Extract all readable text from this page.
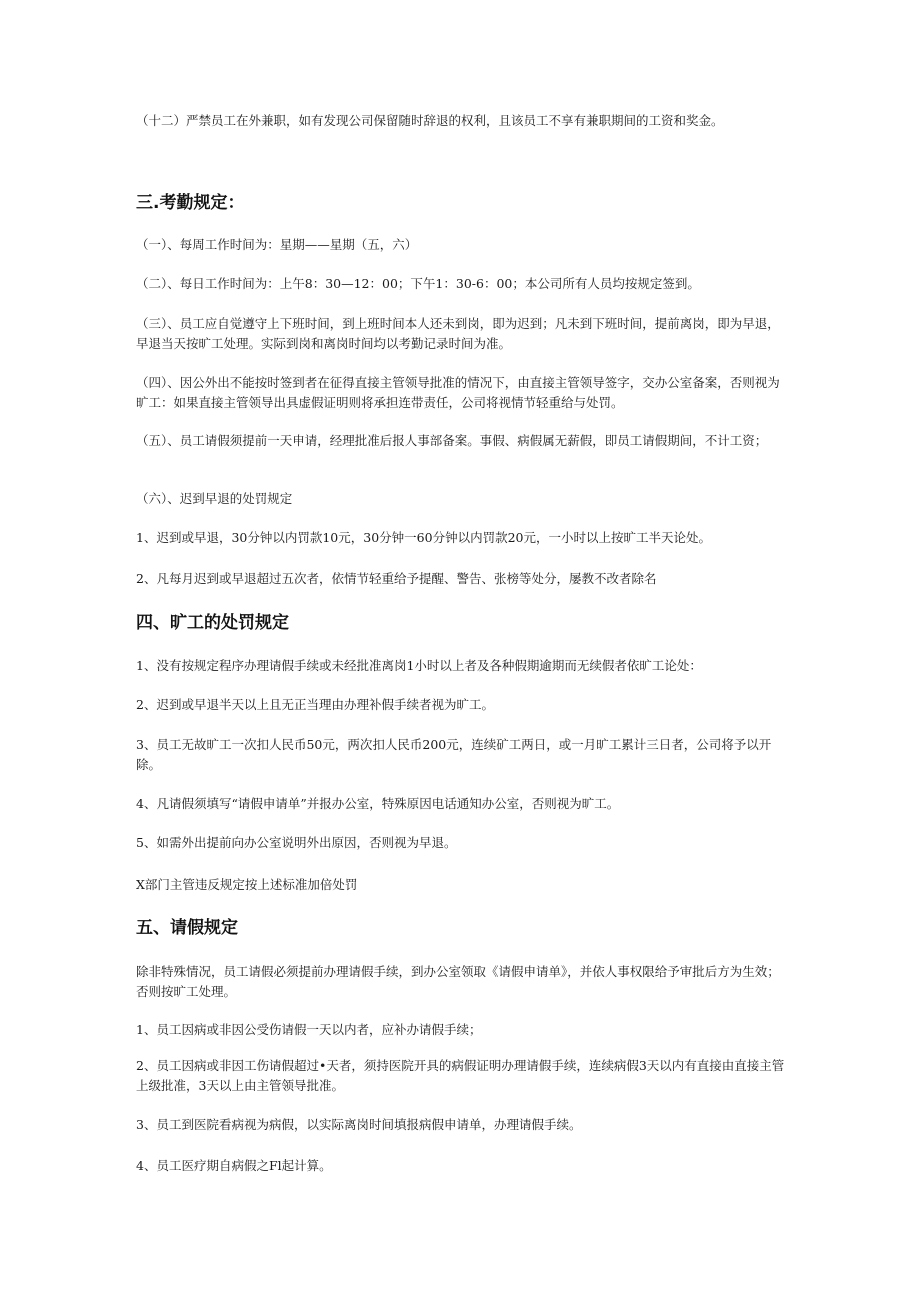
（十二）严禁员工在外兼职，如有发现公司保留随时辞退的权利，且该员工不享有兼职期间的工资和奖金。

三.考勤规定：

（一）、每周工作时间为：星期——星期（五，六）

（二）、每日工作时间为：上午8：30—12：00；下午1：30-6：00；本公司所有人员均按规定签到。

（三）、员工应自觉遵守上下班时间，到上班时间本人还未到岗，即为迟到；凡未到下班时间，提前离岗，即为早退，早退当天按旷工处理。实际到岗和离岗时间均以考勤记录时间为准。

（四）、因公外出不能按时签到者在征得直接主管领导批准的情况下，由直接主管领导签字，交办公室备案，否则视为旷工：如果直接主管领导出具虚假证明则将承担连带责任，公司将视情节轻重给与处罚。

（五）、员工请假须提前一天申请，经理批准后报人事部备案。事假、病假属无薪假，即员工请假期间，不计工资；

（六）、迟到早退的处罚规定

1、迟到或早退，30分钟以内罚款10元，30分钟一60分钟以内罚款20元，一小时以上按旷工半天论处。

2、凡每月迟到或早退超过五次者，依情节轻重给予提醒、警告、张榜等处分，屡教不改者除名

四、旷工的处罚规定

1、没有按规定程序办理请假手续或未经批准离岗1小时以上者及各种假期逾期而无续假者依旷工论处：

2、迟到或早退半天以上且无正当理由办理补假手续者视为旷工。

3、员工无故旷工一次扣人民币50元，两次扣人民币200元，连续矿工两日，或一月旷工累计三日者，公司将予以开除。

4、凡请假须填写“请假申请单”并报办公室，特殊原因电话通知办公室，否则视为旷工。

5、如需外出提前向办公室说明外出原因，否则视为早退。

X部门主管违反规定按上述标准加倍处罚

五、请假规定

除非特殊情况，员工请假必须提前办理请假手续，到办公室领取《请假申请单》，并依人事权限给予审批后方为生效；否则按旷工处理。

1、员工因病或非因公受伤请假一天以内者，应补办请假手续；

2、员工因病或非因工伤请假超过•天者，须持医院开具的病假证明办理请假手续，连续病假3天以内有直接由直接主管上级批准，3天以上由主管领导批准。

3、员工到医院看病视为病假，以实际离岗时间填报病假申请单，办理请假手续。

4、员工医疗期自病假之Fl起计算。
